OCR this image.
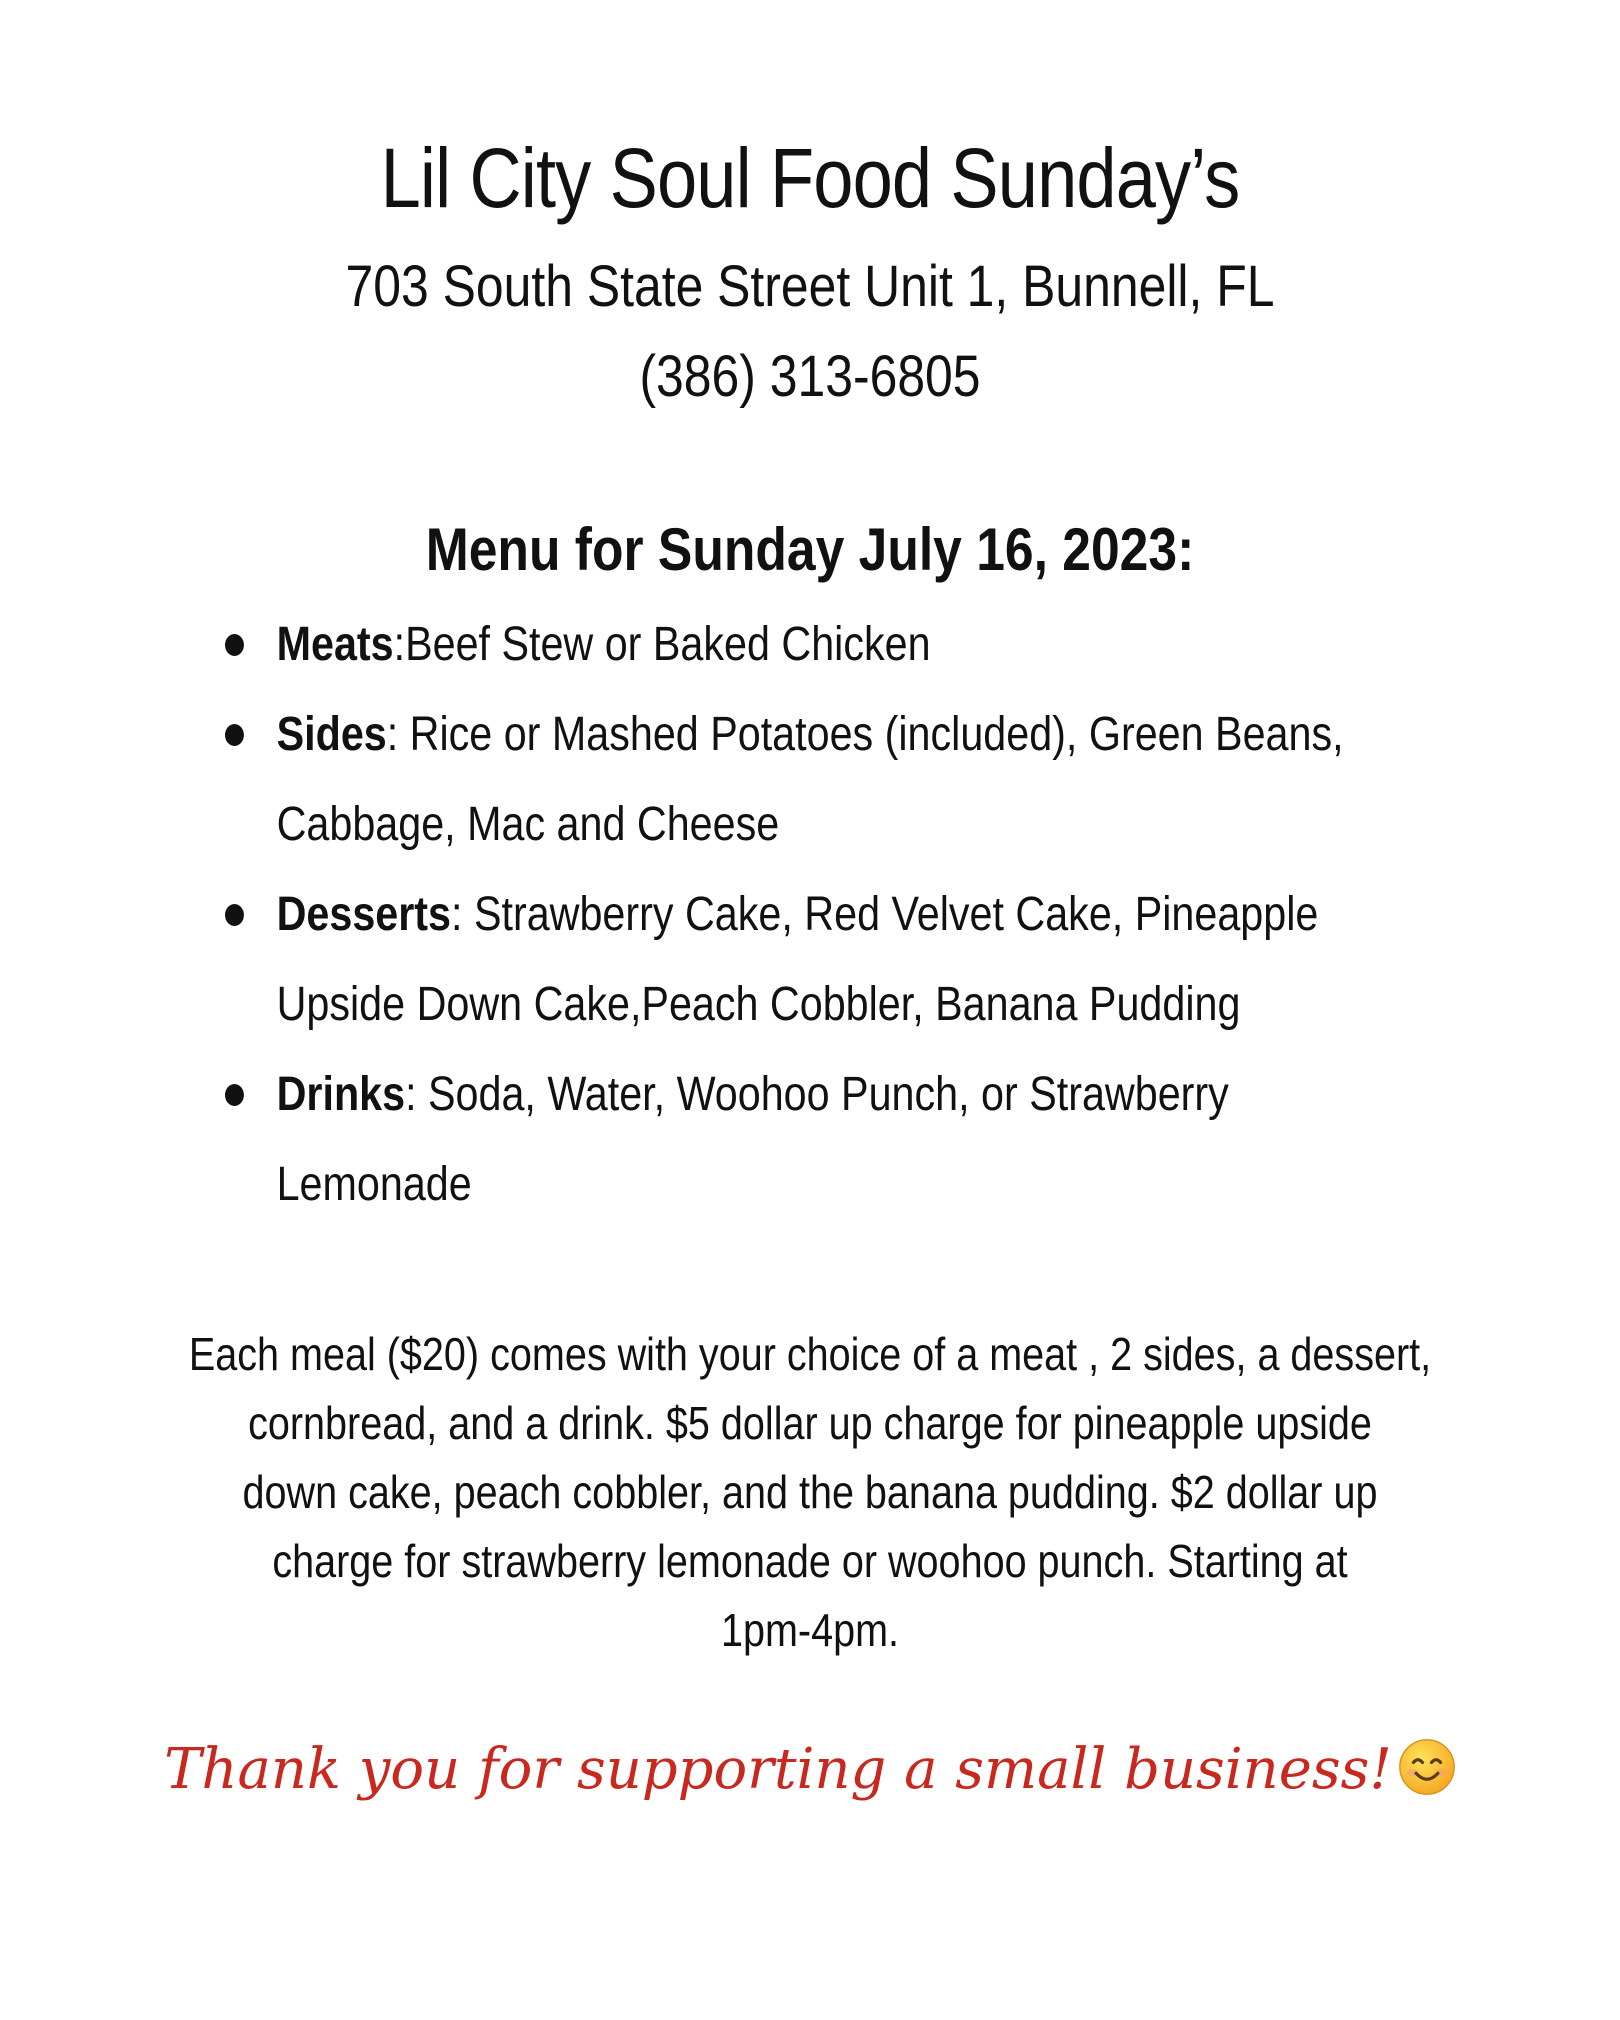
Lil City Soul Food Sunday’s
703 South State Street Unit 1, Bunnell, FL
(386) 313-6805
Menu for Sunday July 16, 2023:
Meats:Beef Stew or Baked Chicken
Sides: Rice or Mashed Potatoes (included), Green Beans,
Cabbage, Mac and Cheese
Desserts: Strawberry Cake, Red Velvet Cake, Pineapple
Upside Down Cake,Peach Cobbler, Banana Pudding
Drinks: Soda, Water, Woohoo Punch, or Strawberry
Lemonade
Each meal ($20) comes with your choice of a meat , 2 sides, a dessert,
cornbread, and a drink. $5 dollar up charge for pineapple upside
down cake, peach cobbler, and the banana pudding. $2 dollar up
charge for strawberry lemonade or woohoo punch. Starting at
1pm-4pm.
Thank you for supporting a small business!
